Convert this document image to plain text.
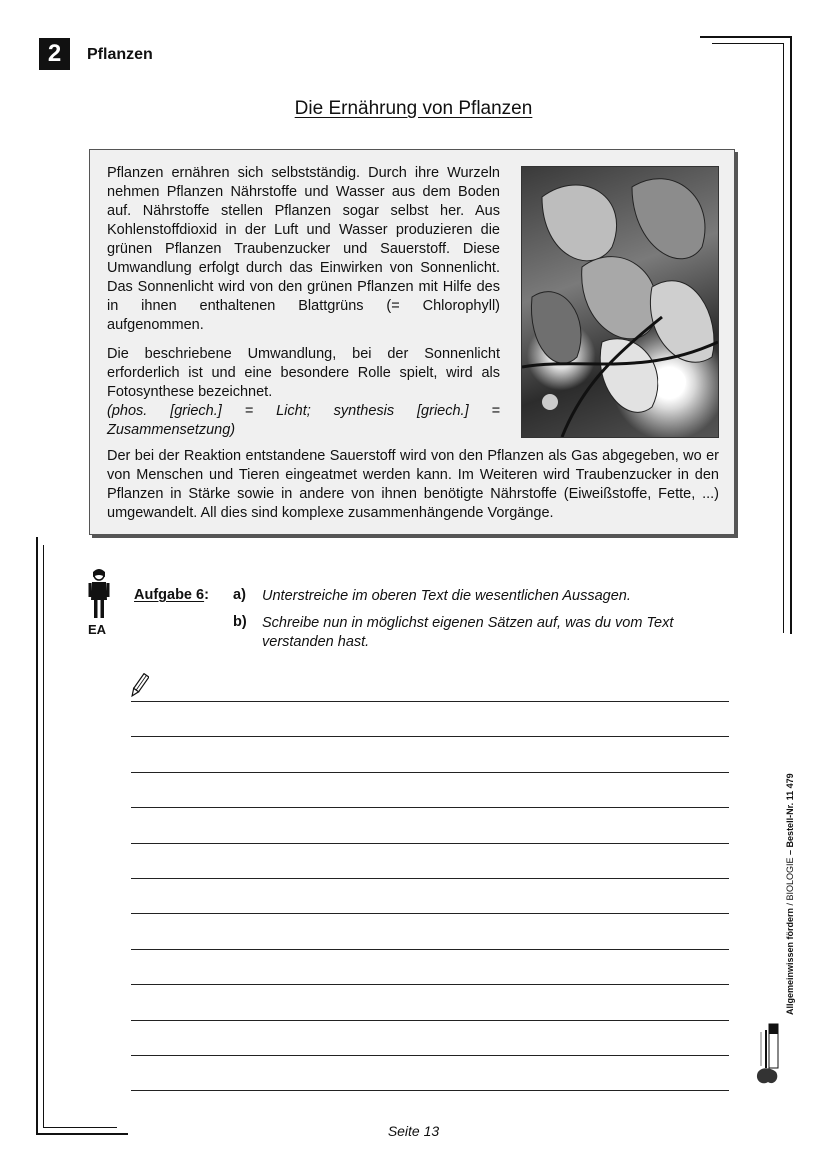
2	Pflanzen
Die Ernährung von Pflanzen

Pflanzen ernähren sich selbstständig. Durch ihre Wurzeln nehmen Pflanzen Nährstoffe und Wasser aus dem Boden auf. Nährstoffe stellen Pflanzen sogar selbst her. Aus Kohlenstoffdioxid in der Luft und Wasser produzieren die grünen Pflanzen Traubenzucker und Sauerstoff. Diese Umwandlung erfolgt durch das Einwirken von Sonnenlicht. Das Sonnenlicht wird von den grünen Pflanzen mit Hilfe des in ihnen enthaltenen Blattgrüns (= Chlorophyll) aufgenommen.

Die beschriebene Umwandlung, bei der Sonnenlicht erforderlich ist und eine besondere Rolle spielt, wird als Fotosynthese bezeichnet.
(phos. [griech.] = Licht; synthesis [griech.] = Zusammensetzung)

Der bei der Reaktion entstandene Sauerstoff wird von den Pflanzen als Gas abgegeben, wo er von Menschen und Tieren eingeatmet werden kann. Im Weiteren wird Traubenzucker in den Pflanzen in Stärke sowie in andere von ihnen benötigte Nährstoffe (Eiweißstoffe, Fette, ...) umgewandelt. All dies sind komplexe zusammenhängende Vorgänge.

EA
Aufgabe 6: a) Unterstreiche im oberen Text die wesentlichen Aussagen.
b) Schreibe nun in möglichst eigenen Sätzen auf, was du vom Text verstanden hast.
Allgemeinwissen fördern / BIOLOGIE – Bestell-Nr. 11 479
Seite 13
